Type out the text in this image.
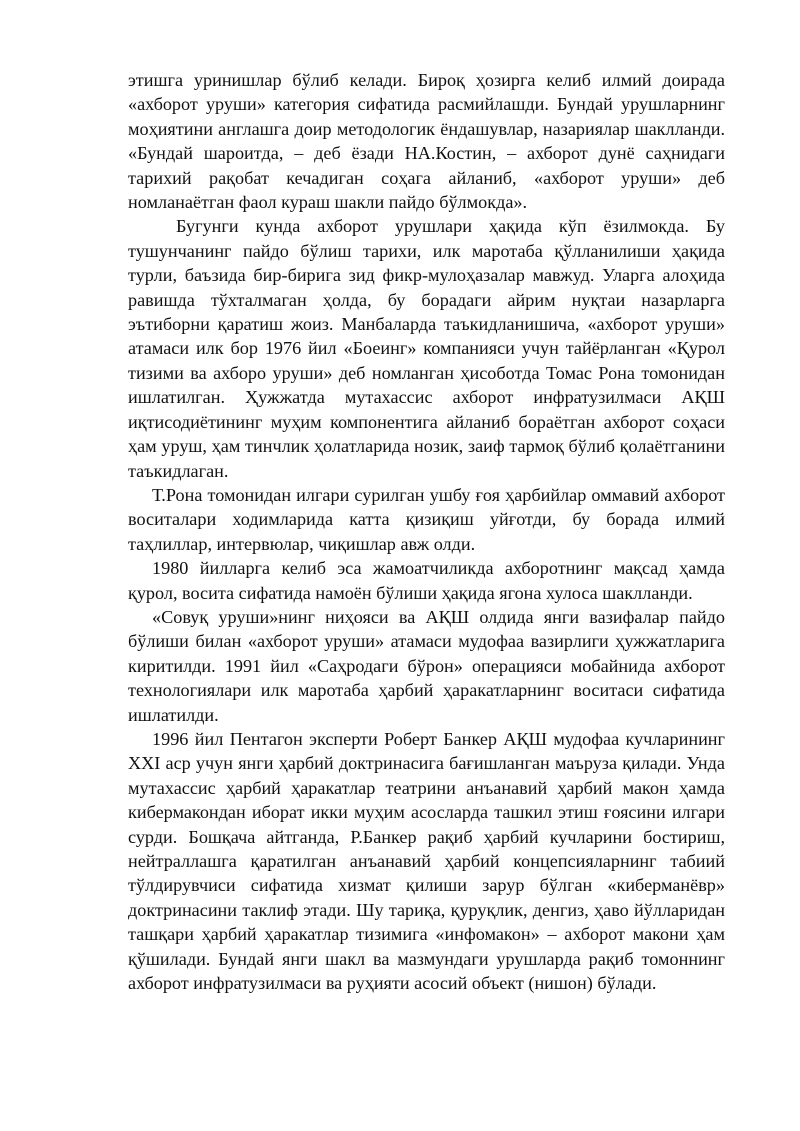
этишга уринишлар бўлиб келади. Бироқ ҳозирга келиб илмий доирада «ахборот уруши» категория сифатида расмийлашди. Бундай урушларнинг моҳиятини англашга доир методологик ёндашувлар, назариялар шаклланди. «Бундай шароитда, – деб ёзади НА.Костин, – ахборот дунё саҳнидаги тарихий рақобат кечадиган соҳага айланиб, «ахборот уруши» деб номланаётган фаол кураш шакли пайдо бўлмокда».

Бугунги кунда ахборот урушлари ҳақида кўп ёзилмокда. Бу тушунчанинг пайдо бўлиш тарихи, илк маротаба қўлланилиши ҳақида турли, баъзида бир-бирига зид фикр-мулоҳазалар мавжуд. Уларга алоҳида равишда тўхталмаган ҳолда, бу борадаги айрим нуқтаи назарларга эътиборни қаратиш жоиз. Манбаларда таъкидланишича, «ахборот уруши» атамаси илк бор 1976 йил «Боеинг» компанияси учун тайёрланган «Қурол тизими ва ахборо уруши» деб номланган ҳисоботда Томас Рона томонидан ишлатилган. Ҳужжатда мутахассис ахборот инфратузилмаси АҚШ иқтисодиётининг муҳим компонентига айланиб бораётган ахборот соҳаси ҳам уруш, ҳам тинчлик ҳолатларида нозик, заиф тармоқ бўлиб қолаётганини таъкидлаган.

Т.Рона томонидан илгари сурилган ушбу ғоя ҳарбийлар оммавий ахборот воситалари ходимларида катта қизиқиш уйғотди, бу борада илмий таҳлиллар, интервюлар, чиқишлар авж олди.

1980 йилларга келиб эса жамоатчиликда ахборотнинг мақсад ҳамда қурол, восита сифатида намоён бўлиши ҳақида ягона хулоса шаклланди.

«Совуқ уруши»нинг ниҳояси ва АҚШ олдида янги вазифалар пайдо бўлиши билан «ахборот уруши» атамаси мудофаа вазирлиги ҳужжатларига киритилди. 1991 йил «Саҳродаги бўрон» операцияси мобайнида ахборот технологиялари илк маротаба ҳарбий ҳаракатларнинг воситаси сифатида ишлатилди.

1996 йил Пентагон эксперти Роберт Банкер АҚШ мудофаа кучларининг XXI аср учун янги ҳарбий доктринасига бағишланган маъруза қилади. Унда мутахассис ҳарбий ҳаракатлар театрини анъанавий ҳарбий макон ҳамда кибермакондан иборат икки муҳим асосларда ташкил этиш ғоясини илгари сурди. Бошқача айтганда, Р.Банкер рақиб ҳарбий кучларини бостириш, нейтраллашга қаратилган анъанавий ҳарбий концепсияларнинг табиий тўлдирувчиси сифатида хизмат қилиши зарур бўлган «киберманёвр» доктринасини таклиф этади. Шу тариқа, қуруқлик, денгиз, ҳаво йўлларидан ташқари ҳарбий ҳаракатлар тизимига «инфомакон» – ахборот макони ҳам қўшилади. Бундай янги шакл ва мазмундаги урушларда рақиб томоннинг ахборот инфратузилмаси ва руҳияти асосий объект (нишон) бўлади.
